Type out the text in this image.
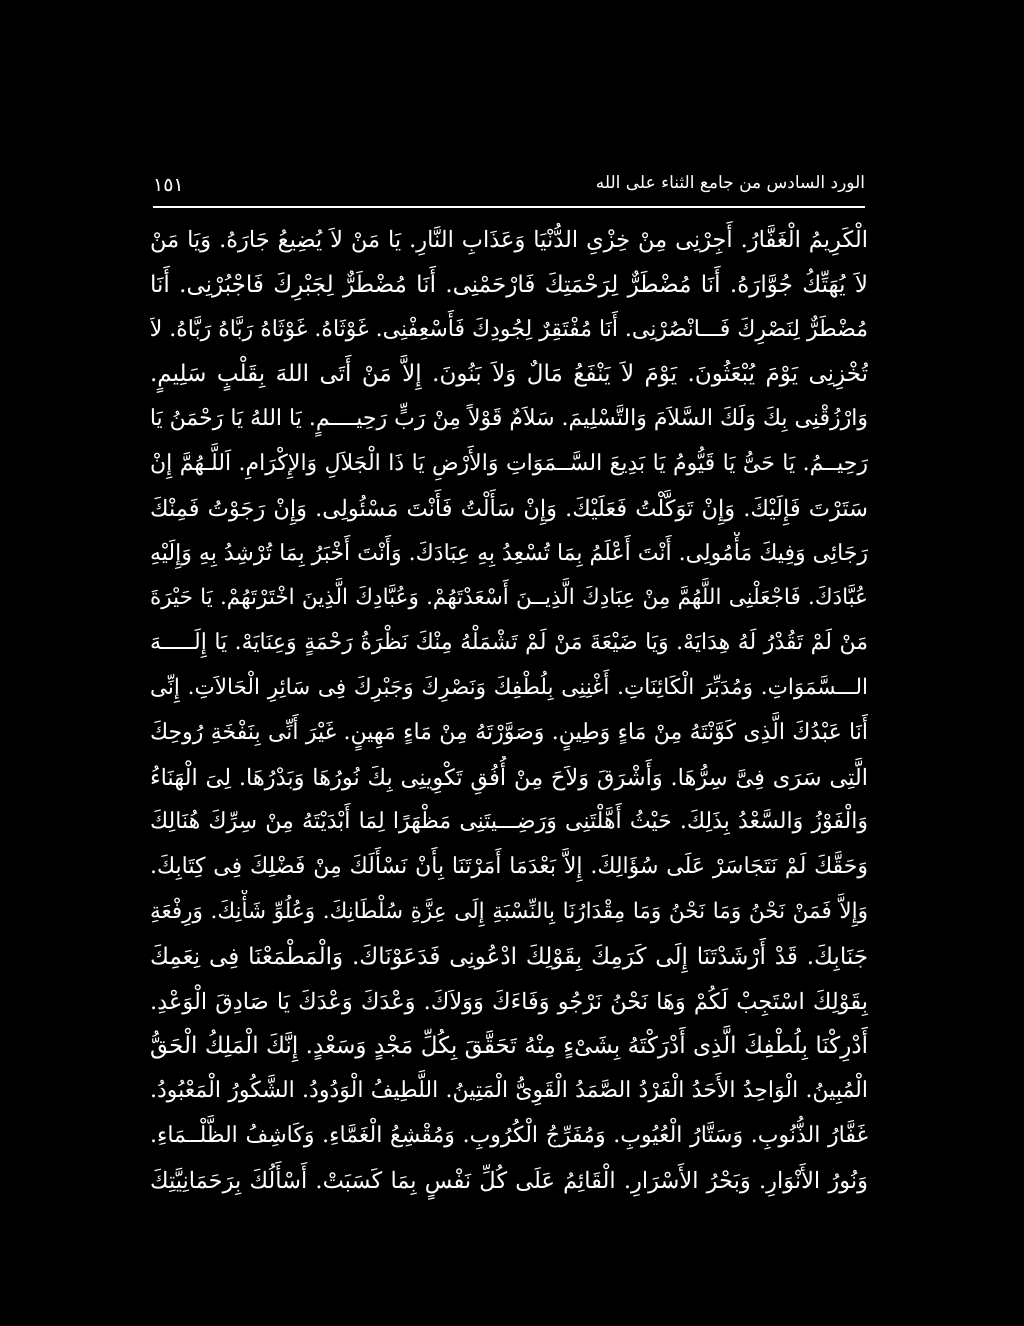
الورد السادس من جامع الثناء على الله
١٥١
الْكَرِيمُ الْغَفَّارُ. أَجِرْنِى مِنْ خِزْىِ الدُّنْيَا وَعَذَابِ النَّارِ. يَا مَنْ لاَ يُضِيعُ جَارَهُ. وَيَا مَنْ
لاَ يُهَتِّكُ جُوَّارَهُ. أَنَا مُضْطَرٌّ لِرَحْمَتِكَ فَارْحَمْنِى. أَنَا مُضْطَرٌّ لِجَبْرِكَ فَاجْبُرْنِى. أَنَا
مُضْطَرٌّ لِنَصْرِكَ فَـــانْصُرْنِى. أَنَا مُفْتَقِرٌ لِجُودِكَ فَأَسْعِفْنِى. غَوْثَاهُ. غَوْثَاهُ رَبَّاهُ رَبَّاهُ. لاَ
تُخْزِنِى يَوْمَ يُبْعَثُونَ. يَوْمَ لاَ يَنْفَعُ مَالٌ وَلاَ بَنُونَ. إِلاَّ مَنْ أَتَى اللهَ بِقَلْبٍ سَلِيمٍ.
وَارْزُقْنِى بِكَ وَلَكَ السَّلاَمَ وَالتَّسْلِيمَ. سَلاَمٌ قَوْلاً مِنْ رَبٍّ رَحِيــــمٍ. يَا اللهُ يَا رَحْمَنُ يَا
رَحِيــمُ. يَا حَىُّ يَا قَيُّومُ يَا بَدِيعَ السَّــمَوَاتِ وَالأَرْضِ يَا ذَا الْجَلاَلِ وَالإِكْرَامِ. اَللَّـهُمَّ إِنْ
سَتَرْتَ فَإِلَيْكَ. وَإِنْ تَوَكَّلْتُ فَعَلَيْكَ. وَإِنْ سَأَلْتُ فَأَنْتَ مَسْئُولِى. وَإِنْ رَجَوْتُ فَمِنْكَ
رَجَائِى وَفِيكَ مَأْمُولِى. أَنْتَ أَعْلَمُ بِمَا تُسْعِدُ بِهِ عِبَادَكَ. وَأَنْتَ أَخْبَرُ بِمَا تُرْشِدُ بِهِ وَإِلَيْهِ
عُبَّادَكَ. فَاجْعَلْنِى اللَّهُمَّ مِنْ عِبَادِكَ الَّذِيــنَ أَسْعَدْتَهُمْ. وَعُبَّادِكَ الَّذِينَ اخْتَرْتَهُمْ. يَا حَيْرَةَ
مَنْ لَمْ تَقُدْرُ لَهُ هِدَايَهْ. وَيَا ضَيْعَةَ مَنْ لَمْ تَشْمَلْهُ مِنْكَ نَظْرَةُ رَحْمَةٍ وَعِنَايَهْ. يَا إِلَـــــهَ
الـــسَّمَوَاتِ. وَمُدَبِّرَ الْكَائِنَاتِ. أَغْنِنِى بِلُطْفِكَ وَنَصْرِكَ وَجَبْرِكَ فِى سَائِرِ الْحَالاَتِ. إِنِّى
أَنَا عَبْدُكَ الَّذِى كَوَّنْتَهُ مِنْ مَاءٍ وَطِينٍ. وَصَوَّرْتَهُ مِنْ مَاءٍ مَهِينٍ. غَيْرَ أَنِّى بِنَفْخَةِ رُوحِكَ
الَّتِى سَرَى فِىَّ سِرُّهَا. وَأَشْرَقَ وَلاَحَ مِنْ أُفُقِ تَكْوِينِى بِكَ نُورُهَا وَبَدْرُهَا. لِىَ الْهَنَاءُ
وَالْفَوْزُ وَالسَّعْدُ بِذَلِكَ. حَيْثُ أَهَّلْتَنِى وَرَضِـــيتَنِى مَظْهَرًا لِمَا أَبْدَيْتَهُ مِنْ سِرِّكَ هُنَالِكَ
وَحَقَّكَ لَمْ نَتَجَاسَرْ عَلَى سُؤَالِكَ. إِلاَّ بَعْدَمَا أَمَرْتَنَا بِأَنْ نَسْأَلَكَ مِنْ فَضْلِكَ فِى كِتَابِكَ.
وَإِلاَّ فَمَنْ نَحْنُ وَمَا نَحْنُ وَمَا مِقْدَارُنَا بِالنِّسْبَةِ إِلَى عِزَّةِ سُلْطَانِكَ. وَعُلُوِّ شَأْنِكَ. وَرِفْعَةِ
جَنَابِكَ. قَدْ أَرْشَدْتَنَا إِلَى كَرَمِكَ بِقَوْلِكَ ادْعُونِى فَدَعَوْنَاكَ. وَالْمَطْمَعْنَا فِى نِعَمِكَ
بِقَوْلِكَ اسْتَجِبْ لَكُمْ وَهَا نَحْنُ نَرْجُو وَفَاءَكَ وَوَلاَكَ. وَعْدَكَ وَعْدَكَ يَا صَادِقَ الْوَعْدِ.
أَدْرِكْنَا بِلُطْفِكَ الَّذِى أَدْرَكْتَهُ بِشَىْءٍ مِنْهُ تَحَقَّقَ بِكُلِّ مَجْدٍ وَسَعْدٍ. إِنَّكَ الْمَلِكُ الْحَقُّ
الْمُبِينُ. الْوَاحِدُ الأَحَدُ الْفَرْدُ الصَّمَدُ الْقَوِىُّ الْمَتِينُ. اللَّطِيفُ الْوَدُودُ. الشَّكُورُ الْمَعْبُودُ.
غَفَّارُ الذُّنُوبِ. وَسَتَّارُ الْعُيُوبِ. وَمُفَرِّجُ الْكُرُوبِ. وَمُقْشِعُ الْغَمَّاءِ. وَكَاشِفُ الظَّلْــمَاءِ.
وَنُورُ الأَنْوَارِ. وَبَحْرُ الأَسْرَارِ. الْقَائِمُ عَلَى كُلِّ نَفْسٍ بِمَا كَسَبَتْ. أَسْأَلُكَ بِرَحَمَانِيَّتِكَ
